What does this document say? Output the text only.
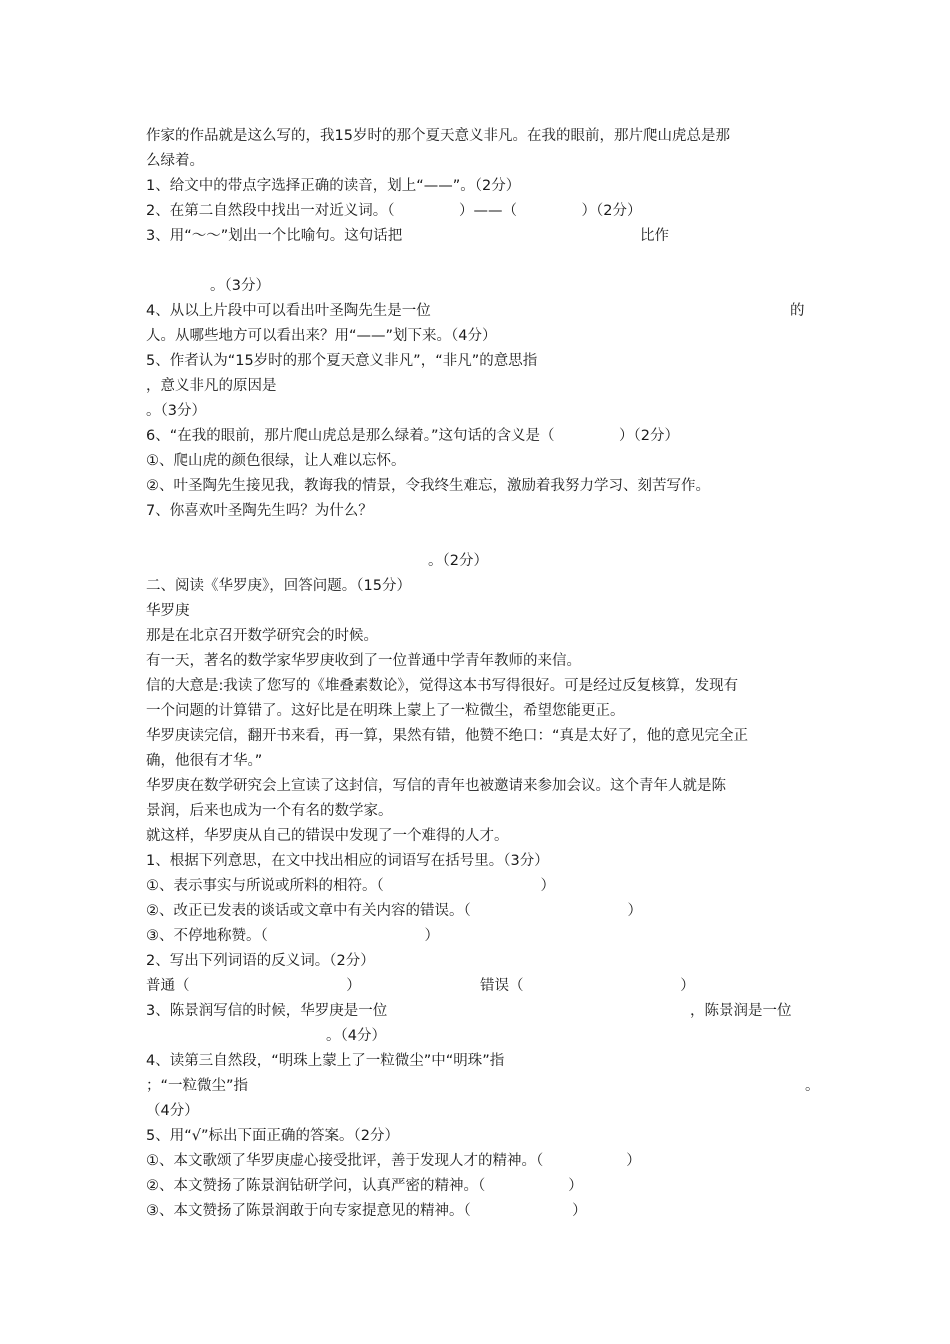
作家的作品就是这么写的，我15岁时的那个夏天意义非凡。在我的眼前，那片爬山虎总是那
么绿着。
1、给文中的带点字选择正确的读音，划上“——”。（2分）
2、在第二自然段中找出一对近义词。（              ）——（              ）（2分）
3、用“～～”划出一个比喻句。这句话把	比作
。（3分）
4、从以上片段中可以看出叶圣陶先生是一位	的
人。从哪些地方可以看出来？用“——”划下来。（4分）
5、作者认为“15岁时的那个夏天意义非凡”，“非凡”的意思指
，意义非凡的原因是
。（3分）
6、“在我的眼前，那片爬山虎总是那么绿着。”这句话的含义是（              ）（2分）
①、爬山虎的颜色很绿，让人难以忘怀。
②、叶圣陶先生接见我，教诲我的情景，令我终生难忘，激励着我努力学习、刻苦写作。
7、你喜欢叶圣陶先生吗？为什么？
。（2分）
二、阅读《华罗庚》，回答问题。（15分）
华罗庚
那是在北京召开数学研究会的时候。
有一天，著名的数学家华罗庚收到了一位普通中学青年教师的来信。
信的大意是:我读了您写的《堆叠素数论》，觉得这本书写得很好。可是经过反复核算，发现有
一个问题的计算错了。这好比是在明珠上蒙上了一粒微尘，希望您能更正。
华罗庚读完信，翻开书来看，再一算，果然有错，他赞不绝口：“真是太好了，他的意见完全正
确，他很有才华。”
华罗庚在数学研究会上宣读了这封信，写信的青年也被邀请来参加会议。这个青年人就是陈
景润，后来也成为一个有名的数学家。
就这样，华罗庚从自己的错误中发现了一个难得的人才。
1、根据下列意思，在文中找出相应的词语写在括号里。（3分）
①、表示事实与所说或所料的相符。（                                  ）
②、改正已发表的谈话或文章中有关内容的错误。（                                  ）
③、不停地称赞。（                                  ）
2、写出下列词语的反义词。（2分）
普通（                                  ）	错误（                                  ）
3、陈景润写信的时候，华罗庚是一位	，陈景润是一位
。（4分）
4、读第三自然段，“明珠上蒙上了一粒微尘”中“明珠”指
；“一粒微尘”指	。
（4分）
5、用“√”标出下面正确的答案。（2分）
①、本文歌颂了华罗庚虚心接受批评，善于发现人才的精神。（                  ）
②、本文赞扬了陈景润钻研学问，认真严密的精神。（                  ）
③、本文赞扬了陈景润敢于向专家提意见的精神。（                      ）
